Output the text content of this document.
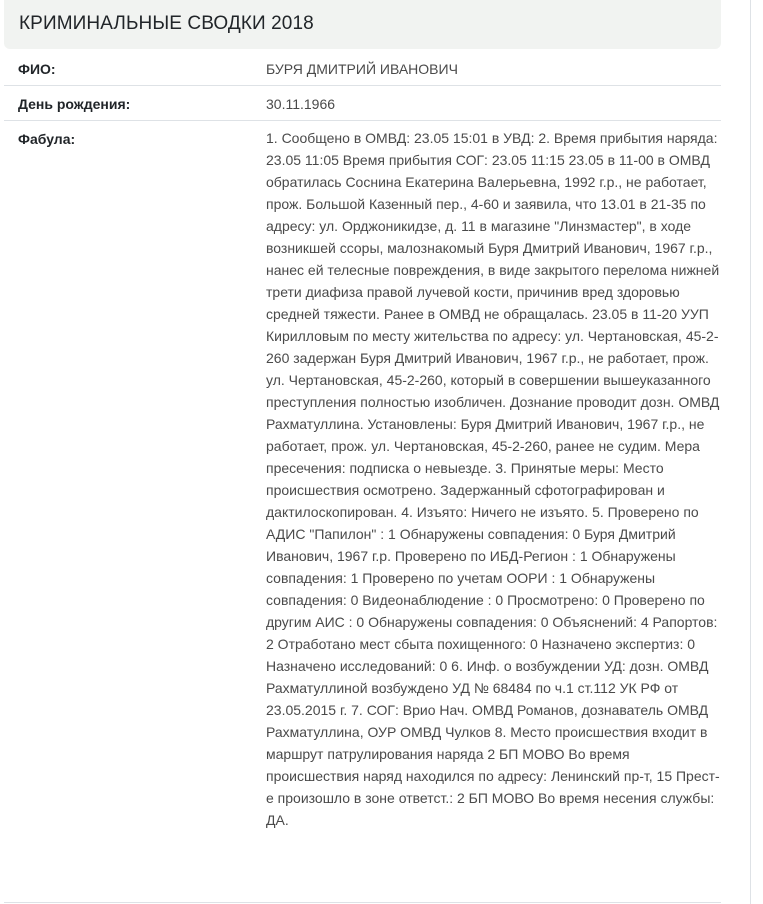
КРИМИНАЛЬНЫЕ СВОДКИ 2018
ФИО:	БУРЯ ДМИТРИЙ ИВАНОВИЧ
День рождения:	30.11.1966
Фабула:	1. Сообщено в ОМВД: 23.05 15:01 в УВД: 2. Время прибытия наряда: 23.05 11:05 Время прибытия СОГ: 23.05 11:15 23.05 в 11-00 в ОМВД обратилась Соснина Екатерина Валерьевна, 1992 г.р., не работает, прож. Большой Казенный пер., 4-60 и заявила, что 13.01 в 21-35 по адресу: ул. Орджоникидзе, д. 11 в магазине "Линзмастер", в ходе возникшей ссоры, малознакомый Буря Дмитрий Иванович, 1967 г.р., нанес ей телесные повреждения, в виде закрытого перелома нижней трети диафиза правой лучевой кости, причинив вред здоровью средней тяжести. Ранее в ОМВД не обращалась. 23.05 в 11-20 УУП Кирилловым по месту жительства по адресу: ул. Чертановская, 45-2-260 задержан Буря Дмитрий Иванович, 1967 г.р., не работает, прож. ул. Чертановская, 45-2-260, который в совершении вышеуказанного преступления полностью изобличен. Дознание проводит дозн. ОМВД Рахматуллина. Установлены: Буря Дмитрий Иванович, 1967 г.р., не работает, прож. ул. Чертановская, 45-2-260, ранее не судим. Мера пресечения: подписка о невыезде. 3. Принятые меры: Место происшествия осмотрено. Задержанный сфотографирован и дактилоскопирован. 4. Изъято: Ничего не изъято. 5. Проверено по АДИС "Папилон" : 1 Обнаружены совпадения: 0 Буря Дмитрий Иванович, 1967 г.р. Проверено по ИБД-Регион : 1 Обнаружены совпадения: 1 Проверено по учетам ООРИ : 1 Обнаружены совпадения: 0 Видеонаблюдение : 0 Просмотрено: 0 Проверено по другим АИС : 0 Обнаружены совпадения: 0 Объяснений: 4 Рапортов: 2 Отработано мест сбыта похищенного: 0 Назначено экспертиз: 0 Назначено исследований: 0 6. Инф. о возбуждении УД: дозн. ОМВД Рахматуллиной возбуждено УД № 68484 по ч.1 ст.112 УК РФ от 23.05.2015 г. 7. СОГ: Врио Нач. ОМВД Романов, дознаватель ОМВД Рахматуллина, ОУР ОМВД Чулков 8. Место происшествия входит в маршрут патрулирования наряда 2 БП МОВО Во время происшествия наряд находился по адресу: Ленинский пр-т, 15 Прест-е произошло в зоне ответст.: 2 БП МОВО Во время несения службы: ДА.
